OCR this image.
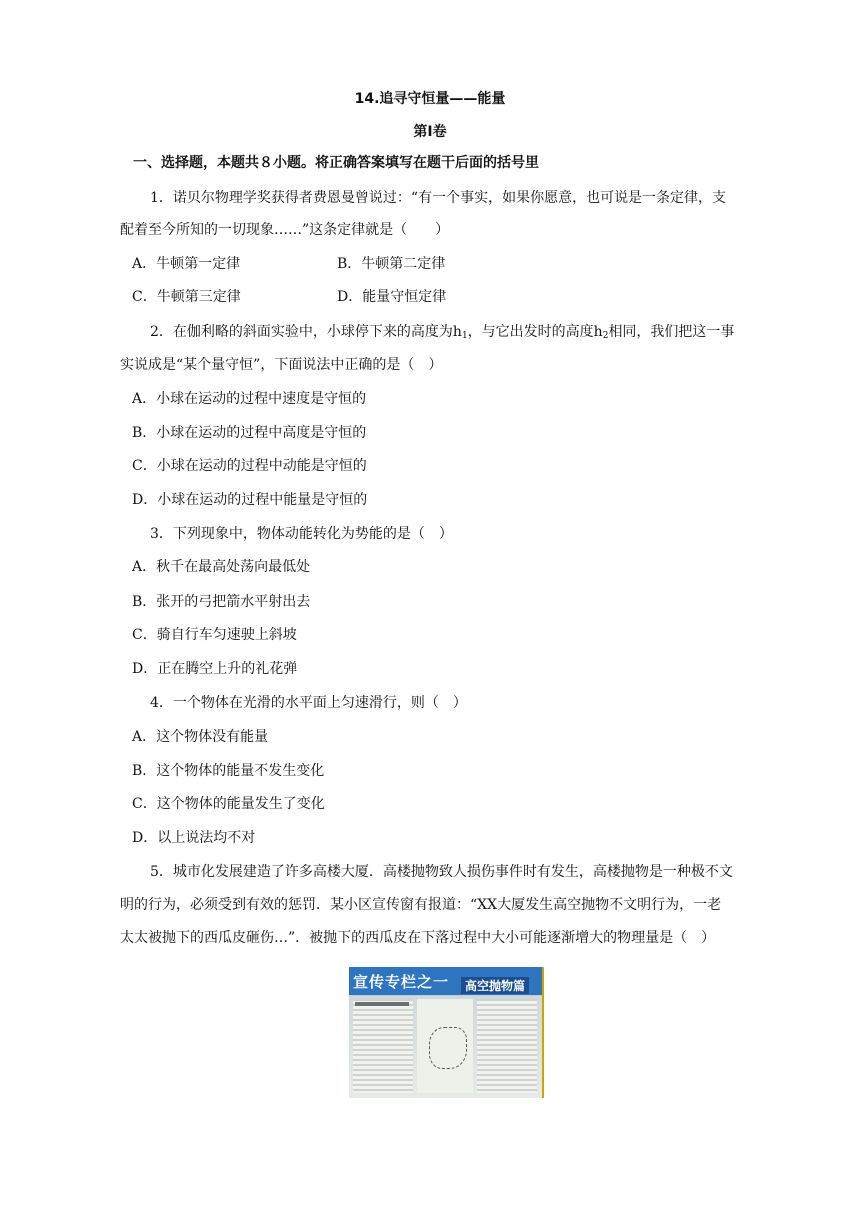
14.追寻守恒量——能量
第Ⅰ卷
一、选择题，本题共８小题。将正确答案填写在题干后面的括号里
1．诺贝尔物理学奖获得者费恩曼曾说过：“有一个事实，如果你愿意，也可说是一条定律，支
配着至今所知的一切现象……”这条定律就是（　　）
A．牛顿第一定律	B．牛顿第二定律
C．牛顿第三定律	D．能量守恒定律
2．在伽利略的斜面实验中，小球停下来的高度为$h_1$，与它出发时的高度$h_2$相同，我们把这一事
实说成是“某个量守恒”，下面说法中正确的是（　）
A．小球在运动的过程中速度是守恒的
B．小球在运动的过程中高度是守恒的
C．小球在运动的过程中动能是守恒的
D．小球在运动的过程中能量是守恒的
3．下列现象中，物体动能转化为势能的是（　）
A．秋千在最高处荡向最低处
B．张开的弓把箭水平射出去
C．骑自行车匀速驶上斜坡
D．正在腾空上升的礼花弹
4．一个物体在光滑的水平面上匀速滑行，则（　）
A．这个物体没有能量
B．这个物体的能量不发生变化
C．这个物体的能量发生了变化
D．以上说法均不对
5．城市化发展建造了许多高楼大厦．高楼抛物致人损伤事件时有发生，高楼抛物是一种极不文
明的行为，必须受到有效的惩罚．某小区宣传窗有报道：“XX大厦发生高空抛物不文明行为，一老
太太被抛下的西瓜皮砸伤…”．被抛下的西瓜皮在下落过程中大小可能逐渐增大的物理量是（　）
宣传专栏之一	高空抛物篇
